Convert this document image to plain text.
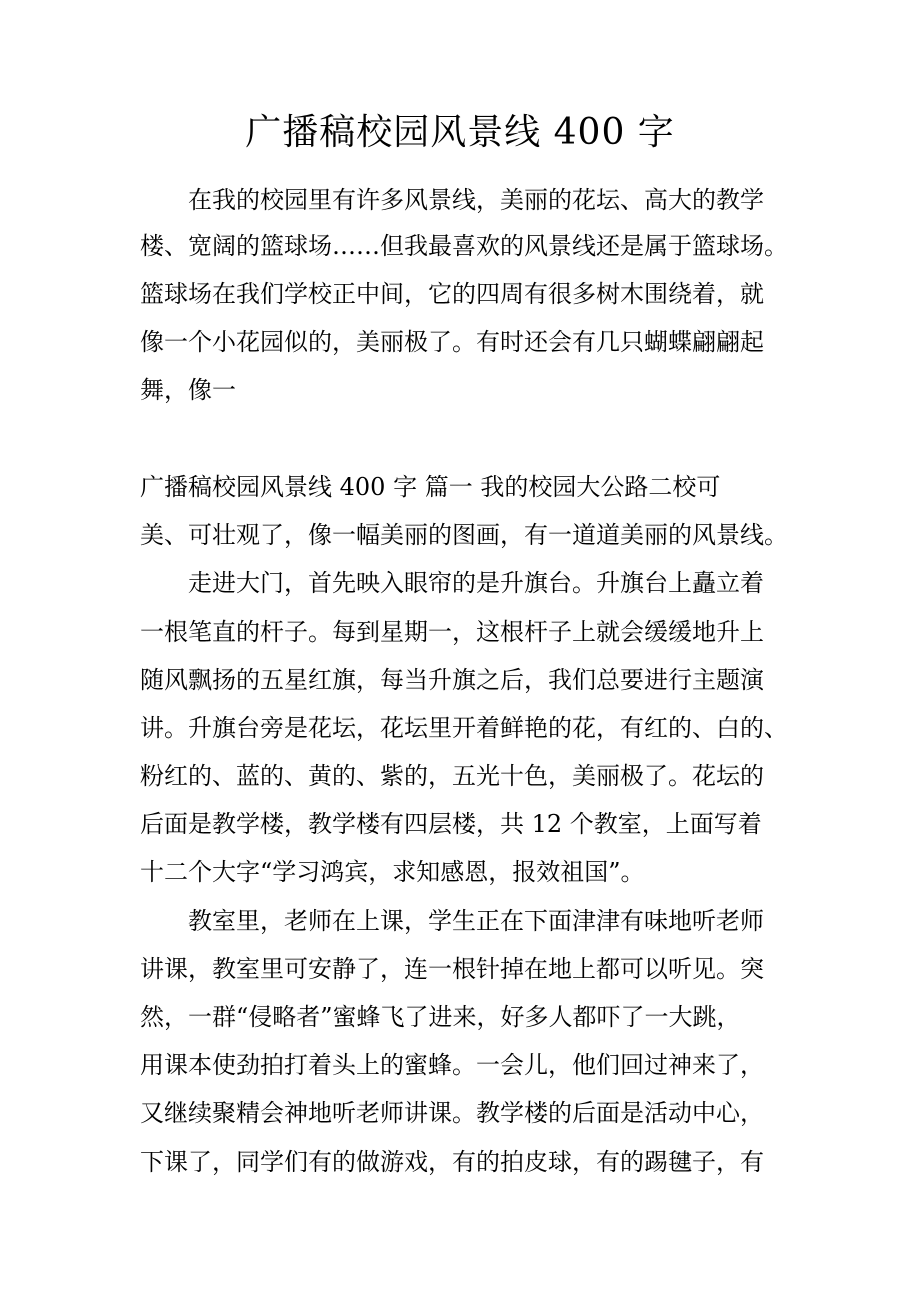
广播稿校园风景线 400 字
在我的校园里有许多风景线，美丽的花坛、高大的教学
楼、宽阔的篮球场……但我最喜欢的风景线还是属于篮球场。
篮球场在我们学校正中间，它的四周有很多树木围绕着，就
像一个小花园似的，美丽极了。有时还会有几只蝴蝶翩翩起
舞，像一
广播稿校园风景线 400 字 篇一 我的校园大公路二校可
美、可壮观了，像一幅美丽的图画，有一道道美丽的风景线。
走进大门，首先映入眼帘的是升旗台。升旗台上矗立着
一根笔直的杆子。每到星期一，这根杆子上就会缓缓地升上
随风飘扬的五星红旗，每当升旗之后，我们总要进行主题演
讲。升旗台旁是花坛，花坛里开着鲜艳的花，有红的、白的、
粉红的、蓝的、黄的、紫的，五光十色，美丽极了。花坛的
后面是教学楼，教学楼有四层楼，共 12 个教室，上面写着
十二个大字“学习鸿宾，求知感恩，报效祖国”。
教室里，老师在上课，学生正在下面津津有味地听老师
讲课，教室里可安静了，连一根针掉在地上都可以听见。突
然，一群“侵略者”蜜蜂飞了进来，好多人都吓了一大跳，
用课本使劲拍打着头上的蜜蜂。一会儿，他们回过神来了，
又继续聚精会神地听老师讲课。教学楼的后面是活动中心，
下课了，同学们有的做游戏，有的拍皮球，有的踢毽子，有
